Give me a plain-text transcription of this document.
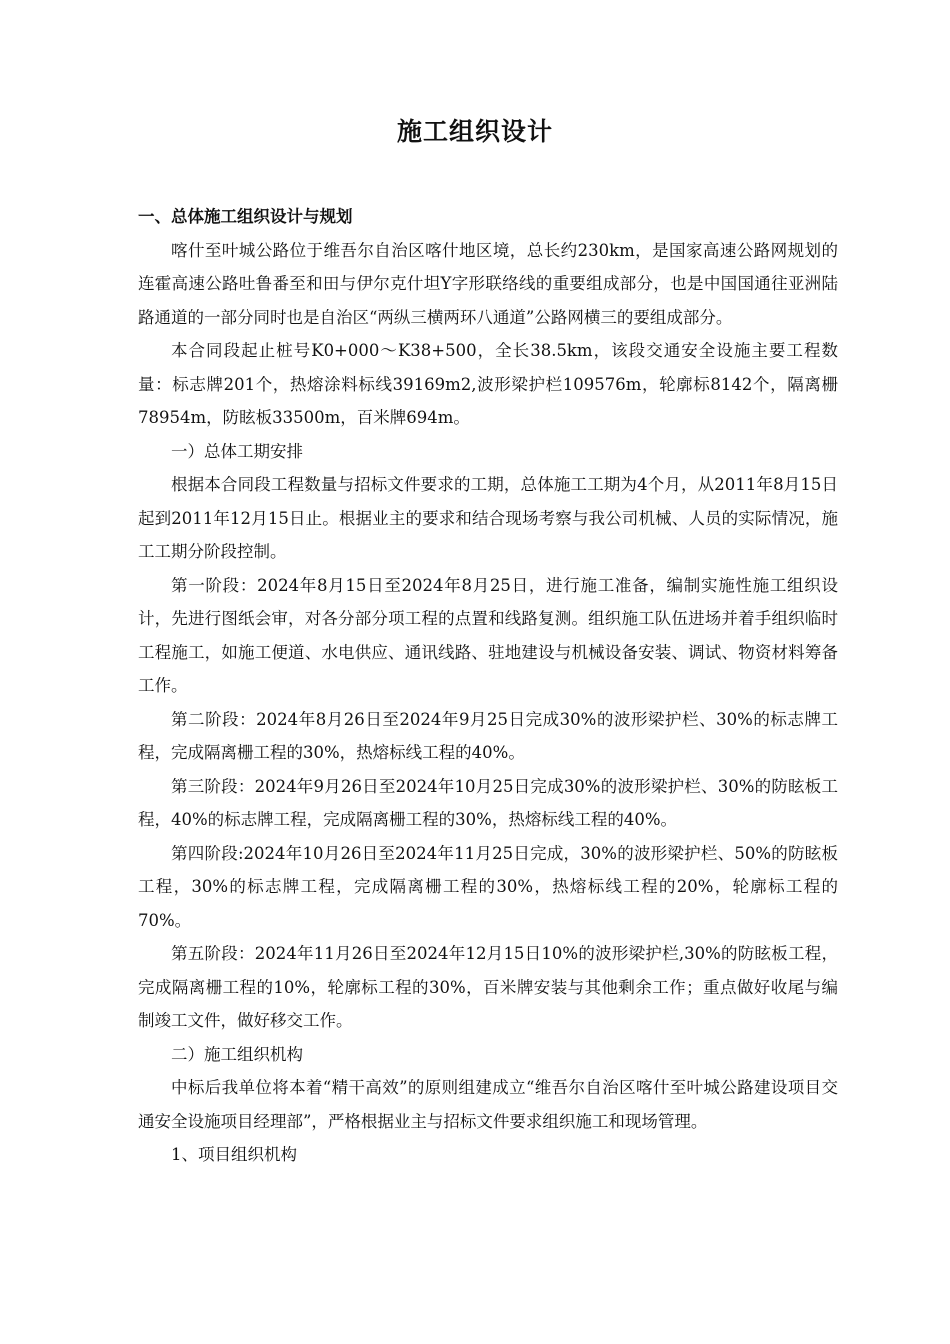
施工组织设计

一、总体施工组织设计与规划

喀什至叶城公路位于维吾尔自治区喀什地区境，总长约230km，是国家高速公路网规划的连霍高速公路吐鲁番至和田与伊尔克什坦Y字形联络线的重要组成部分，也是中国国通往亚洲陆路通道的一部分同时也是自治区“两纵三横两环八通道”公路网横三的要组成部分。

本合同段起止桩号K0+000～K38+500，全长38.5km，该段交通安全设施主要工程数量：标志牌201个，热熔涂料标线39169m2,波形梁护栏109576m，轮廓标8142个，隔离栅78954m，防眩板33500m，百米牌694m。

一）总体工期安排

根据本合同段工程数量与招标文件要求的工期，总体施工工期为4个月，从2011年8月15日起到2011年12月15日止。根据业主的要求和结合现场考察与我公司机械、人员的实际情况，施工工期分阶段控制。

第一阶段：2024年8月15日至2024年8月25日，进行施工准备，编制实施性施工组织设计，先进行图纸会审，对各分部分项工程的点置和线路复测。组织施工队伍进场并着手组织临时工程施工，如施工便道、水电供应、通讯线路、驻地建设与机械设备安装、调试、物资材料筹备工作。

第二阶段：2024年8月26日至2024年9月25日完成30%的波形梁护栏、30%的标志牌工程，完成隔离栅工程的30%，热熔标线工程的40%。

第三阶段：2024年9月26日至2024年10月25日完成30%的波形梁护栏、30%的防眩板工程，40%的标志牌工程，完成隔离栅工程的30%，热熔标线工程的40%。

第四阶段:2024年10月26日至2024年11月25日完成，30%的波形梁护栏、50%的防眩板工程，30%的标志牌工程，完成隔离栅工程的30%，热熔标线工程的20%，轮廓标工程的70%。

第五阶段：2024年11月26日至2024年12月15日10%的波形梁护栏,30%的防眩板工程，完成隔离栅工程的10%，轮廓标工程的30%，百米牌安装与其他剩余工作；重点做好收尾与编制竣工文件，做好移交工作。

二）施工组织机构

中标后我单位将本着“精干高效”的原则组建成立“维吾尔自治区喀什至叶城公路建设项目交通安全设施项目经理部”，严格根据业主与招标文件要求组织施工和现场管理。

1、项目组织机构
